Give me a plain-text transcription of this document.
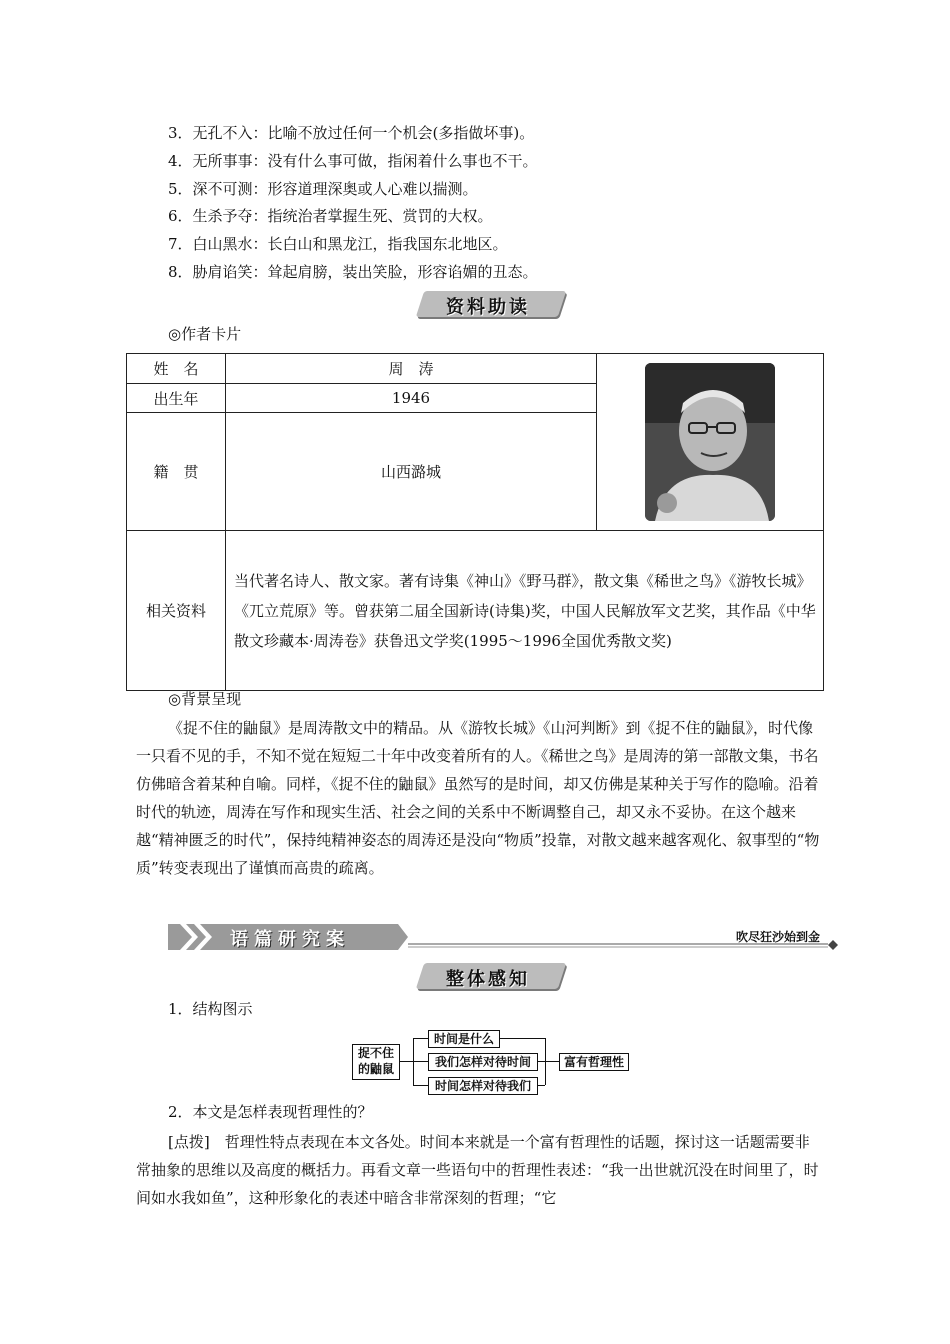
3．无孔不入：比喻不放过任何一个机会(多指做坏事)。
4．无所事事：没有什么事可做，指闲着什么事也不干。
5．深不可测：形容道理深奥或人心难以揣测。
6．生杀予夺：指统治者掌握生死、赏罚的大权。
7．白山黑水：长白山和黑龙江，指我国东北地区。
8．胁肩谄笑：耸起肩膀，装出笑脸，形容谄媚的丑态。
资料助读
◎作者卡片
姓　名	周　涛	
出生年	1946	
籍　贯	山西潞城	
相关资料	当代著名诗人、散文家。著有诗集《神山》《野马群》，散文集《稀世之鸟》《游牧长城》《兀立荒原》等。曾获第二届全国新诗(诗集)奖，中国人民解放军文艺奖，其作品《中华散文珍藏本·周涛卷》获鲁迅文学奖(1995～1996全国优秀散文奖)	
◎背景呈现
《捉不住的鼬鼠》是周涛散文中的精品。从《游牧长城》《山河判断》到《捉不住的鼬鼠》，时代像一只看不见的手，不知不觉在短短二十年中改变着所有的人。《稀世之鸟》是周涛的第一部散文集，书名仿佛暗含着某种自喻。同样，《捉不住的鼬鼠》虽然写的是时间，却又仿佛是某种关于写作的隐喻。沿着时代的轨迹，周涛在写作和现实生活、社会之间的关系中不断调整自己，却又永不妥协。在这个越来越“精神匮乏的时代”，保持纯精神姿态的周涛还是没向“物质”投靠，对散文越来越客观化、叙事型的“物质”转变表现出了谨慎而高贵的疏离。
语篇研究案	吹尽狂沙始到金
整体感知
1．结构图示
捉不住
的鼬鼠
时间是什么
我们怎样对待时间
时间怎样对待我们
富有哲理性
2．本文是怎样表现哲理性的？
[点拨]　哲理性特点表现在本文各处。时间本来就是一个富有哲理性的话题，探讨这一话题需要非常抽象的思维以及高度的概括力。再看文章一些语句中的哲理性表述：“我一出世就沉没在时间里了，时间如水我如鱼”，这种形象化的表述中暗含非常深刻的哲理；“它
